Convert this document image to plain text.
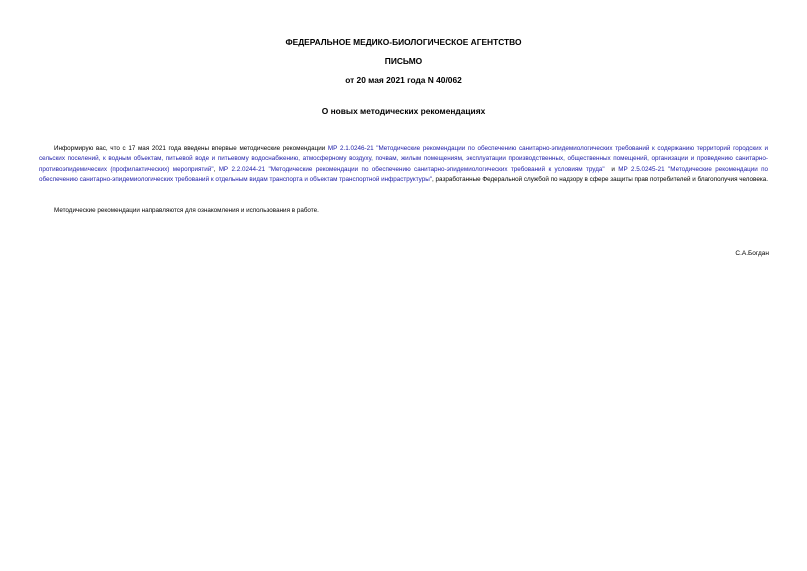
ФЕДЕРАЛЬНОЕ МЕДИКО-БИОЛОГИЧЕСКОЕ АГЕНТСТВО

ПИСЬМО

от 20 мая 2021 года N 40/062

О новых методических рекомендациях

Информирую вас, что с 17 мая 2021 года введены впервые методические рекомендации МР 2.1.0246-21 "Методические рекомендации по обеспечению санитарно-эпидемиологических требований к содержанию территорий городских и сельских поселений, к водным объектам, питьевой воде и питьевому водоснабжению, атмосферному воздуху, почвам, жилым помещениям, эксплуатации производственных, общественных помещений, организации и проведению санитарно-противоэпидемических (профилактических) мероприятий", МР 2.2.0244-21 "Методические рекомендации по обеспечению санитарно-эпидемиологических требований к условиям труда"  и МР 2.5.0245-21 "Методические рекомендации по обеспечению санитарно-эпидемиологических требований к отдельным видам транспорта и объектам транспортной инфраструктуры", разработанные Федеральной службой по надзору в сфере защиты прав потребителей и благополучия человека.

Методические рекомендации направляются для ознакомления и использования в работе.

С.А.Богдан
